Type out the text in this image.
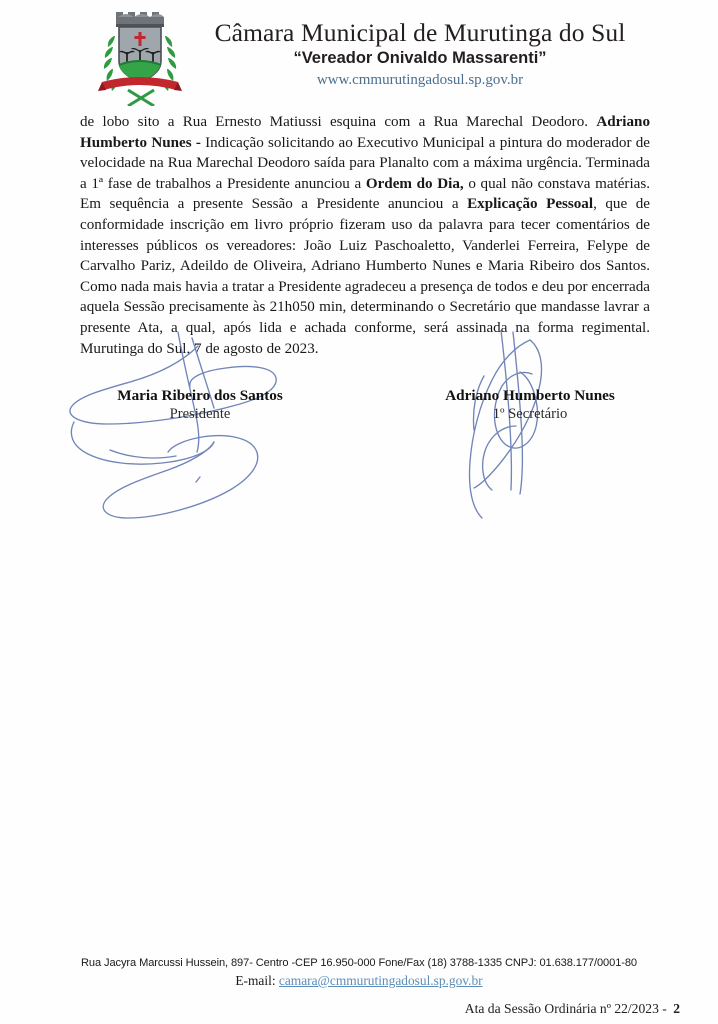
Câmara Municipal de Murutinga do Sul
“Vereador Onivaldo Massarenti”
www.cmmurutingadosul.sp.gov.br

de lobo sito a Rua Ernesto Matiussi esquina com a Rua Marechal Deodoro. Adriano Humberto Nunes - Indicação solicitando ao Executivo Municipal a pintura do moderador de velocidade na Rua Marechal Deodoro saída para Planalto com a máxima urgência. Terminada a 1ª fase de trabalhos a Presidente anunciou a Ordem do Dia, o qual não constava matérias. Em sequência a presente Sessão a Presidente anunciou a Explicação Pessoal, que de conformidade inscrição em livro próprio fizeram uso da palavra para tecer comentários de interesses públicos os vereadores: João Luiz Paschoaletto, Vanderlei Ferreira, Felype de Carvalho Pariz, Adeildo de Oliveira, Adriano Humberto Nunes e Maria Ribeiro dos Santos. Como nada mais havia a tratar a Presidente agradeceu a presença de todos e deu por encerrada aquela Sessão precisamente às 21h050 min, determinando o Secretário que mandasse lavrar a presente Ata, a qual, após lida e achada conforme, será assinada na forma regimental. Murutinga do Sul, 7 de agosto de 2023.

Maria Ribeiro dos Santos
Presidente
Adriano Humberto Nunes
1º Secretário
Rua Jacyra Marcussi Hussein, 897- Centro -CEP 16.950-000 Fone/Fax (18) 3788-1335 CNPJ: 01.638.177/0001-80
E-mail: camara@cmmurutingadosul.sp.gov.br
Ata da Sessão Ordinária nº 22/2023 - 2
